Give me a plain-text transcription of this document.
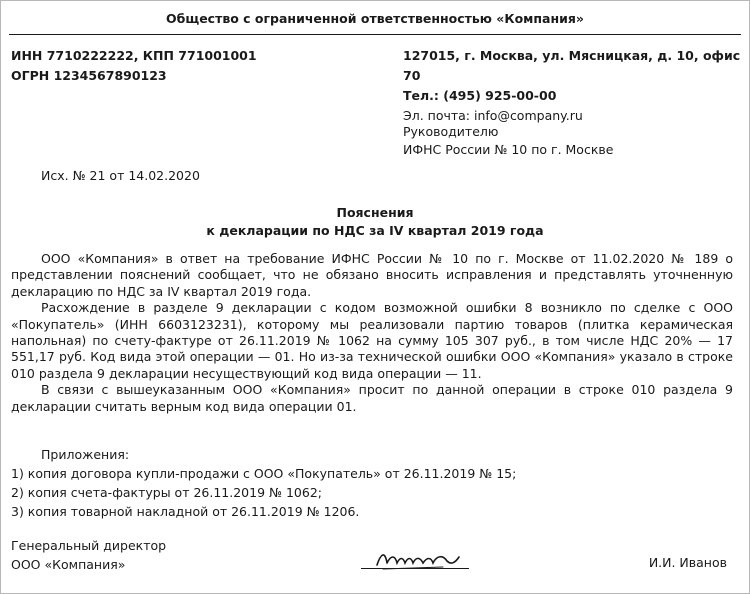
Общество с ограниченной ответственностью «Компания»
ИНН 7710222222, КПП 771001001
ОГРН 1234567890123
127015, г. Москва, ул. Мясницкая, д. 10, офис 70
Тел.: (495) 925-00-00
Эл. почта: info@company.ru
Руководителю
ИФНС России № 10 по г. Москве
Исх. № 21 от 14.02.2020
Пояснения
к декларации по НДС за IV квартал 2019 года

ООО «Компания» в ответ на требование ИФНС России № 10 по г. Москве от 11.02.2020 № 189 о представлении пояснений сообщает, что не обязано вносить исправления и представлять уточненную декларацию по НДС за IV квартал 2019 года.

Расхождение в разделе 9 декларации с кодом возможной ошибки 8 возникло по сделке с ООО «Покупатель» (ИНН 6603123231), которому мы реализовали партию товаров (плитка керамическая напольная) по счету-фактуре от 26.11.2019 № 1062 на сумму 105 307 руб., в том числе НДС 20% — 17 551,17 руб. Код вида этой операции — 01. Но из-за технической ошибки ООО «Компания» указало в строке 010 раздела 9 декларации несуществующий код вида операции — 11.

В связи с вышеуказанным ООО «Компания» просит по данной операции в строке 010 раздела 9 декларации считать верным код вида операции 01.

Приложения:
1) копия договора купли-продажи с ООО «Покупатель» от 26.11.2019 № 15;
2) копия счета-фактуры от 26.11.2019 № 1062;
3) копия товарной накладной от 26.11.2019 № 1206.
Генеральный директор
ООО «Компания»	И.И. Иванов
